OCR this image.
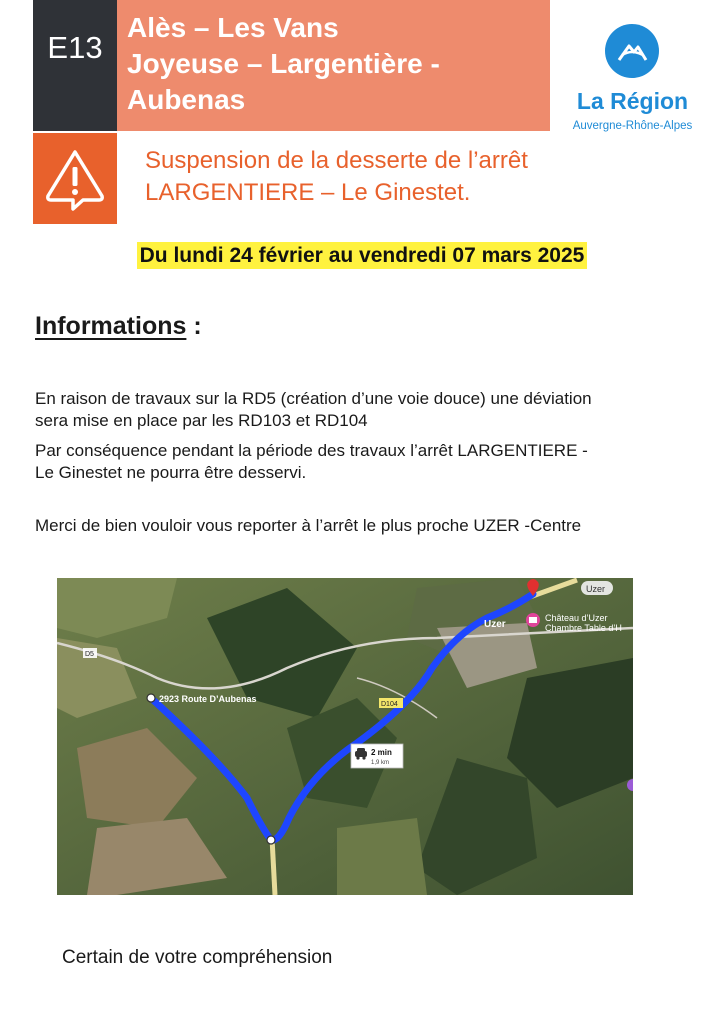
E13
Alès – Les Vans
Joyeuse – Largentière -
Aubenas	La Région
Auvergne-Rhône-Alpes
Suspension de la desserte de l’arrêt
LARGENTIERE – Le Ginestet.
Du lundi 24 février au vendredi 07 mars 2025
Informations :
En raison de travaux sur la RD5 (création d’une voie douce) une déviation
sera mise en place par les RD103 et RD104
Par conséquence pendant la période des travaux l’arrêt LARGENTIERE -
Le Ginestet ne pourra être desservi.
Merci de bien vouloir vous reporter à l’arrêt le plus proche UZER -Centre
Uzer
D5
D104
2923 Route D’Aubenas
Uzer
Château d’Uzer
Chambre Table d’H
2 min
1,9 km
Certain de votre compréhension
